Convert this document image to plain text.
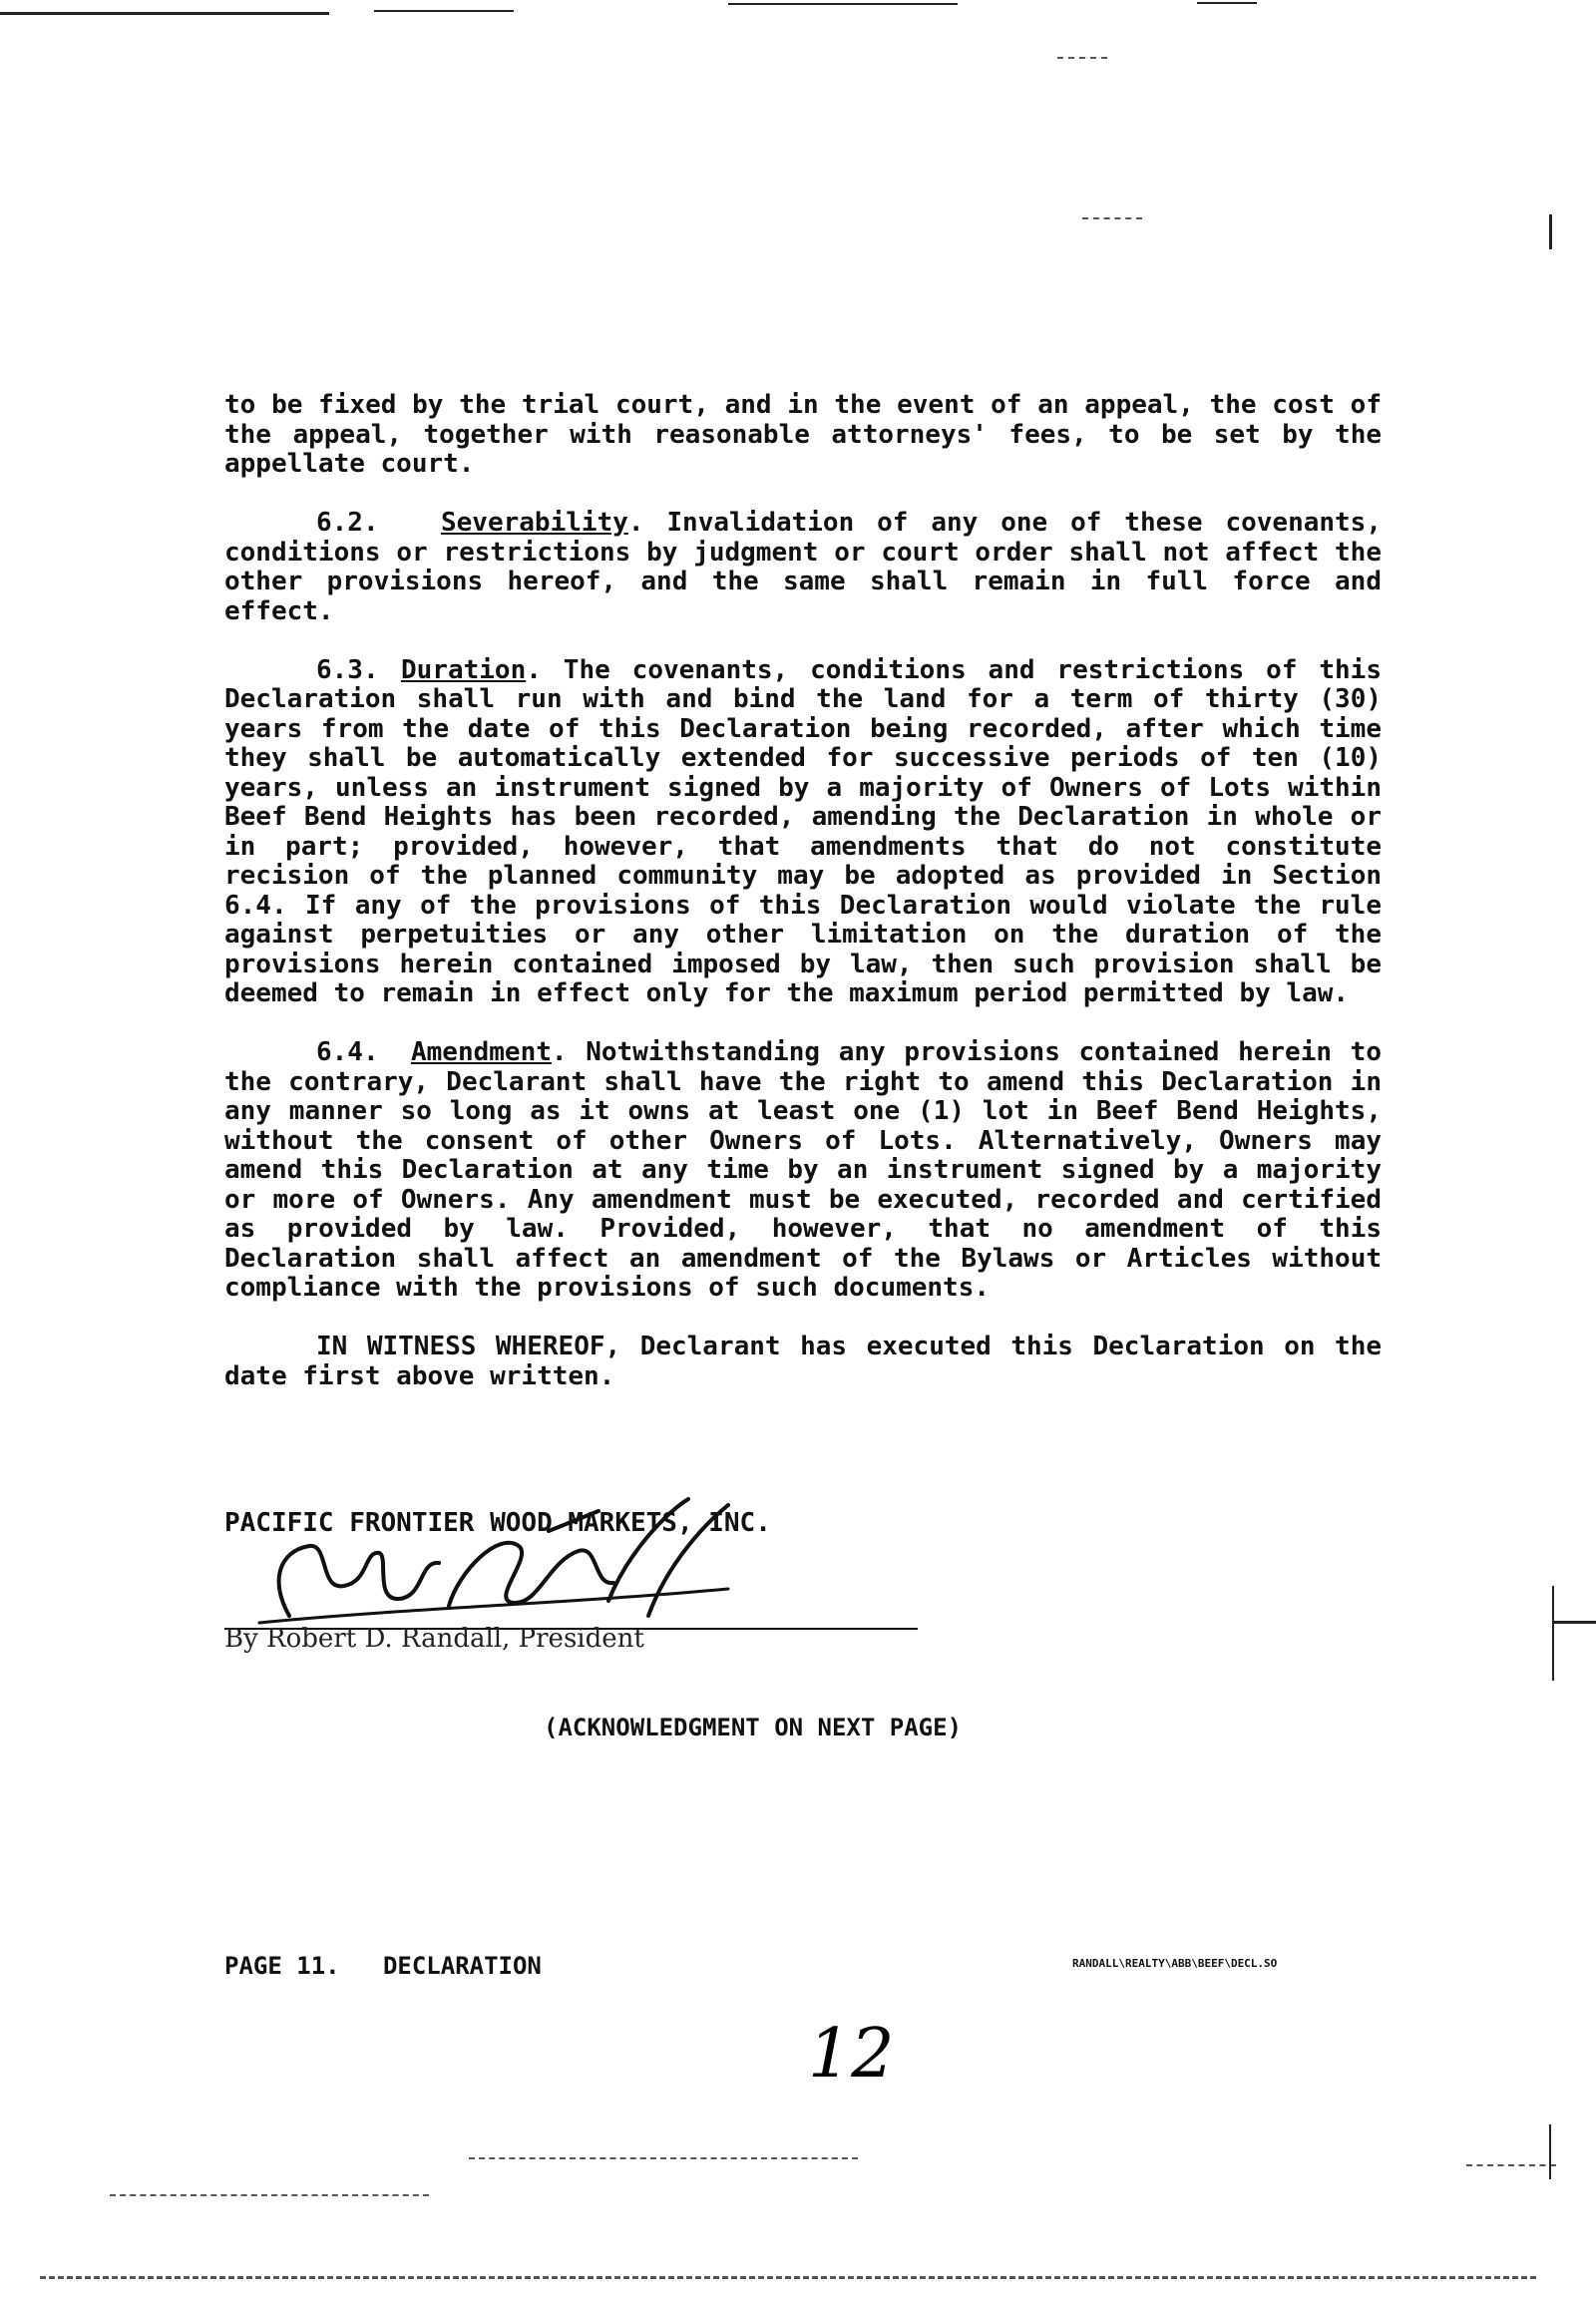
to be fixed by the trial court, and in the event of an appeal, the cost of the appeal, together with reasonable attorneys' fees, to be set by the appellate court.

6.2. Severability. Invalidation of any one of these covenants, conditions or restrictions by judgment or court order shall not affect the other provisions hereof, and the same shall remain in full force and effect.

6.3. Duration. The covenants, conditions and restrictions of this Declaration shall run with and bind the land for a term of thirty (30) years from the date of this Declaration being recorded, after which time they shall be automatically extended for successive periods of ten (10) years, unless an instrument signed by a majority of Owners of Lots within Beef Bend Heights has been recorded, amending the Declaration in whole or in part; provided, however, that amendments that do not constitute recision of the planned community may be adopted as provided in Section 6.4. If any of the provisions of this Declaration would violate the rule against perpetuities or any other limitation on the duration of the provisions herein contained imposed by law, then such provision shall be deemed to remain in effect only for the maximum period permitted by law.

6.4. Amendment. Notwithstanding any provisions contained herein to the contrary, Declarant shall have the right to amend this Declaration in any manner so long as it owns at least one (1) lot in Beef Bend Heights, without the consent of other Owners of Lots. Alternatively, Owners may amend this Declaration at any time by an instrument signed by a majority or more of Owners. Any amendment must be executed, recorded and certified as provided by law. Provided, however, that no amendment of this Declaration shall affect an amendment of the Bylaws or Articles without compliance with the provisions of such documents.

IN WITNESS WHEREOF, Declarant has executed this Declaration on the date first above written.

PACIFIC FRONTIER WOOD MARKETS, INC.
By Robert D. Randall, President
(ACKNOWLEDGMENT ON NEXT PAGE)
PAGE 11.   DECLARATION	RANDALL\REALTY\ABB\BEEF\DECL.SO
12
